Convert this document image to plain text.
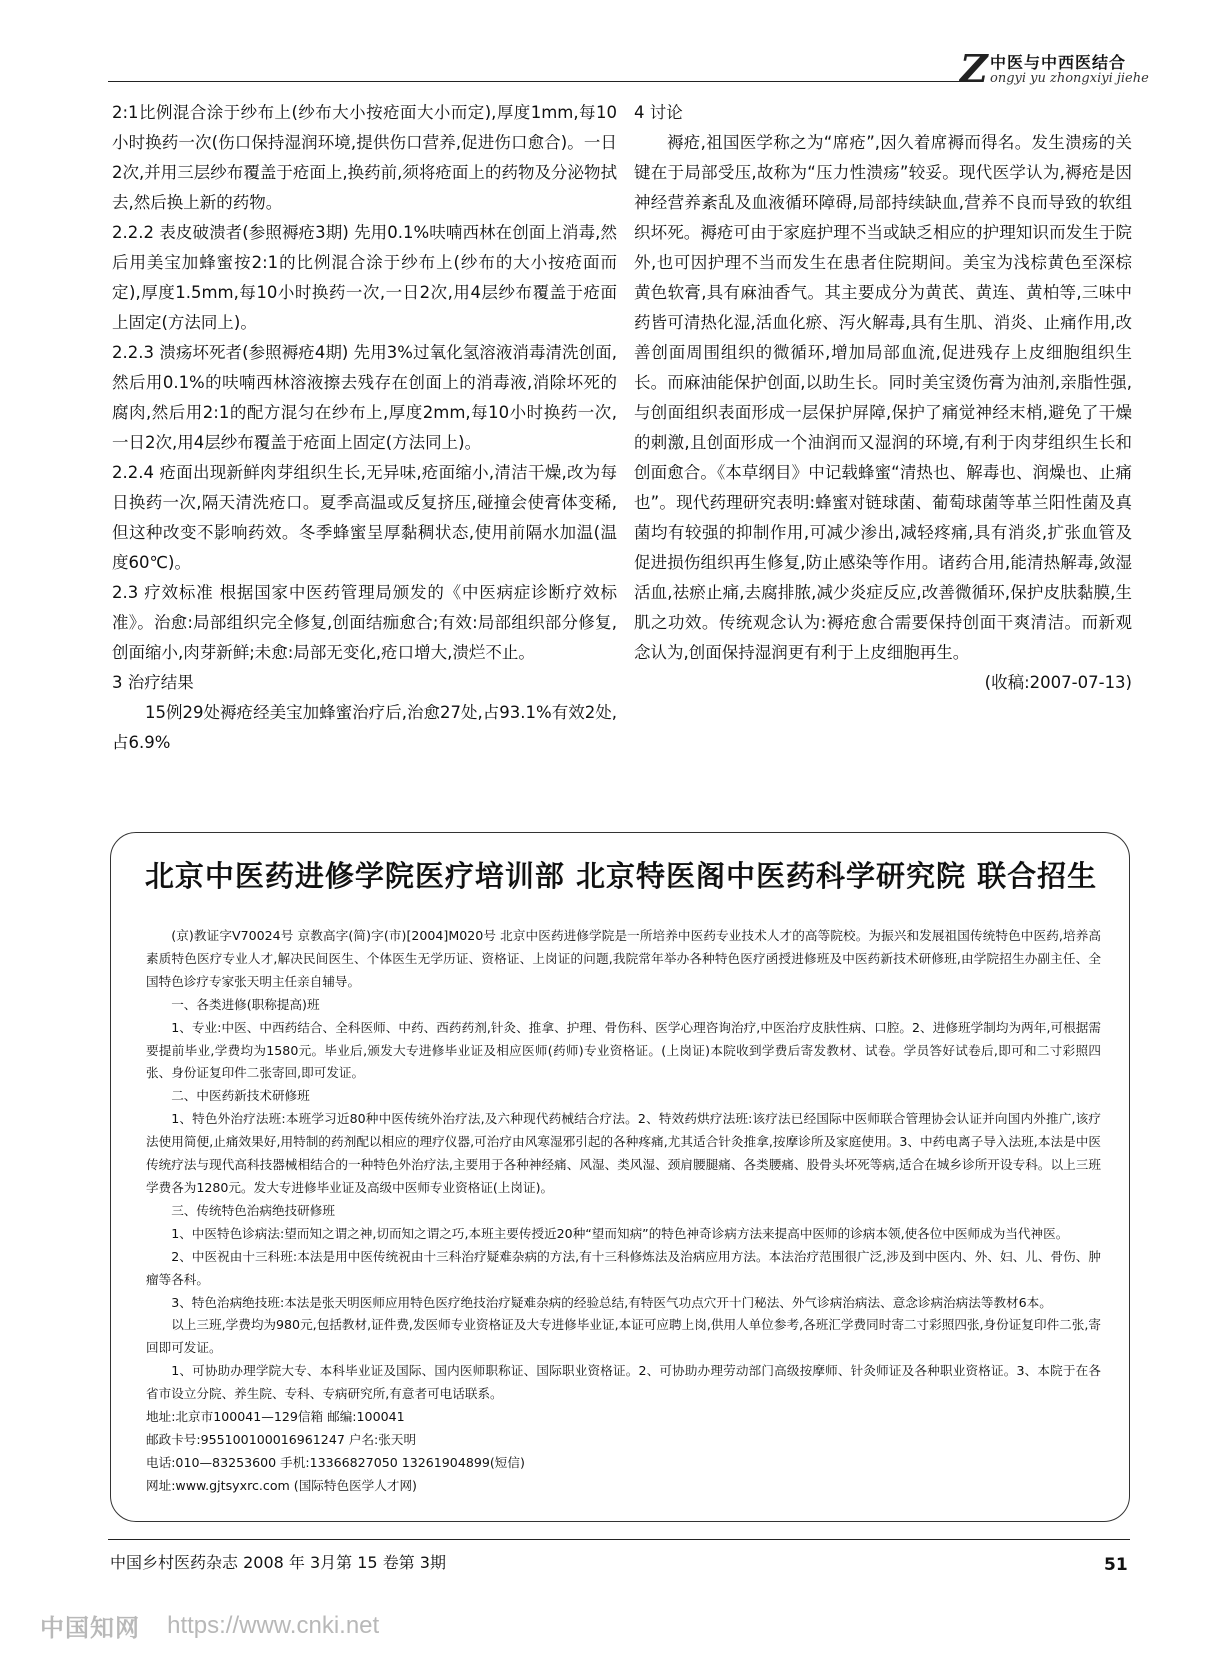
Z 中医与中西医结合
ongyi yu zhongxiyi jiehe

2:1比例混合涂于纱布上(纱布大小按疮面大小而定),厚度1mm,每10小时换药一次(伤口保持湿润环境,提供伤口营养,促进伤口愈合)。一日2次,并用三层纱布覆盖于疮面上,换药前,须将疮面上的药物及分泌物拭去,然后换上新的药物。

2.2.2 表皮破溃者(参照褥疮3期) 先用0.1%呋喃西林在创面上消毒,然后用美宝加蜂蜜按2:1的比例混合涂于纱布上(纱布的大小按疮面而定),厚度1.5mm,每10小时换药一次,一日2次,用4层纱布覆盖于疮面上固定(方法同上)。

2.2.3 溃疡坏死者(参照褥疮4期) 先用3%过氧化氢溶液消毒清洗创面,然后用0.1%的呋喃西林溶液擦去残存在创面上的消毒液,消除坏死的腐肉,然后用2:1的配方混匀在纱布上,厚度2mm,每10小时换药一次,一日2次,用4层纱布覆盖于疮面上固定(方法同上)。

2.2.4 疮面出现新鲜肉芽组织生长,无异味,疮面缩小,清洁干燥,改为每日换药一次,隔天清洗疮口。夏季高温或反复挤压,碰撞会使膏体变稀,但这种改变不影响药效。冬季蜂蜜呈厚黏稠状态,使用前隔水加温(温度60℃)。

2.3 疗效标准 根据国家中医药管理局颁发的《中医病症诊断疗效标准》。治愈:局部组织完全修复,创面结痂愈合;有效:局部组织部分修复,创面缩小,肉芽新鲜;未愈:局部无变化,疮口增大,溃烂不止。

3 治疗结果

15例29处褥疮经美宝加蜂蜜治疗后,治愈27处,占93.1%有效2处,占6.9%

4 讨论

褥疮,祖国医学称之为“席疮”,因久着席褥而得名。发生溃疡的关键在于局部受压,故称为“压力性溃疡”较妥。现代医学认为,褥疮是因神经营养紊乱及血液循环障碍,局部持续缺血,营养不良而导致的软组织坏死。褥疮可由于家庭护理不当或缺乏相应的护理知识而发生于院外,也可因护理不当而发生在患者住院期间。美宝为浅棕黄色至深棕黄色软膏,具有麻油香气。其主要成分为黄芪、黄连、黄柏等,三味中药皆可清热化湿,活血化瘀、泻火解毒,具有生肌、消炎、止痛作用,改善创面周围组织的微循环,增加局部血流,促进残存上皮细胞组织生长。而麻油能保护创面,以助生长。同时美宝烫伤膏为油剂,亲脂性强,与创面组织表面形成一层保护屏障,保护了痛觉神经末梢,避免了干燥的刺激,且创面形成一个油润而又湿润的环境,有利于肉芽组织生长和创面愈合。《本草纲目》中记载蜂蜜“清热也、解毒也、润燥也、止痛也”。现代药理研究表明:蜂蜜对链球菌、葡萄球菌等革兰阳性菌及真菌均有较强的抑制作用,可减少渗出,减轻疼痛,具有消炎,扩张血管及促进损伤组织再生修复,防止感染等作用。诸药合用,能清热解毒,敛湿活血,祛瘀止痛,去腐排脓,减少炎症反应,改善微循环,保护皮肤黏膜,生肌之功效。传统观念认为:褥疮愈合需要保持创面干爽清洁。而新观念认为,创面保持湿润更有利于上皮细胞再生。

(收稿:2007-07-13)

北京中医药进修学院医疗培训部 北京特医阁中医药科学研究院 联合招生

(京)教证字V70024号 京教高字(简)字(市)[2004]M020号 北京中医药进修学院是一所培养中医药专业技术人才的高等院校。为振兴和发展祖国传统特色中医药,培养高素质特色医疗专业人才,解决民间医生、个体医生无学历证、资格证、上岗证的问题,我院常年举办各种特色医疗函授进修班及中医药新技术研修班,由学院招生办副主任、全国特色诊疗专家张天明主任亲自辅导。

一、各类进修(职称提高)班

1、专业:中医、中西药结合、全科医师、中药、西药药剂,针灸、推拿、护理、骨伤科、医学心理咨询治疗,中医治疗皮肤性病、口腔。2、进修班学制均为两年,可根据需要提前毕业,学费均为1580元。毕业后,颁发大专进修毕业证及相应医师(药师)专业资格证。(上岗证)本院收到学费后寄发教材、试卷。学员答好试卷后,即可和二寸彩照四张、身份证复印件二张寄回,即可发证。

二、中医药新技术研修班

1、特色外治疗法班:本班学习近80种中医传统外治疗法,及六种现代药械结合疗法。2、特效药烘疗法班:该疗法已经国际中医师联合管理协会认证并向国内外推广,该疗法使用简便,止痛效果好,用特制的药剂配以相应的理疗仪器,可治疗由风寒湿邪引起的各种疼痛,尤其适合针灸推拿,按摩诊所及家庭使用。3、中药电离子导入法班,本法是中医传统疗法与现代高科技器械相结合的一种特色外治疗法,主要用于各种神经痛、风湿、类风湿、颈肩腰腿痛、各类腰痛、股骨头坏死等病,适合在城乡诊所开设专科。以上三班学费各为1280元。发大专进修毕业证及高级中医师专业资格证(上岗证)。

三、传统特色治病绝技研修班

1、中医特色诊病法:望而知之谓之神,切而知之谓之巧,本班主要传授近20种“望而知病”的特色神奇诊病方法来提高中医师的诊病本领,使各位中医师成为当代神医。

2、中医祝由十三科班:本法是用中医传统祝由十三科治疗疑难杂病的方法,有十三科修炼法及治病应用方法。本法治疗范围很广泛,涉及到中医内、外、妇、儿、骨伤、肿瘤等各科。

3、特色治病绝技班:本法是张天明医师应用特色医疗绝技治疗疑难杂病的经验总结,有特医气功点穴开十门秘法、外气诊病治病法、意念诊病治病法等教材6本。

以上三班,学费均为980元,包括教材,证件费,发医师专业资格证及大专进修毕业证,本证可应聘上岗,供用人单位参考,各班汇学费同时寄二寸彩照四张,身份证复印件二张,寄回即可发证。

1、可协助办理学院大专、本科毕业证及国际、国内医师职称证、国际职业资格证。2、可协助办理劳动部门高级按摩师、针灸师证及各种职业资格证。3、本院于在各省市设立分院、养生院、专科、专病研究所,有意者可电话联系。

地址:北京市100041—129信箱 邮编:100041

邮政卡号:955100100016961247 户名:张天明

电话:010—83253600 手机:13366827050 13261904899(短信)

网址:www.gjtsyxrc.com (国际特色医学人才网)

中国乡村医药杂志 2008 年 3月第 15 卷第 3期	51
中国知网 https://www.cnki.net
